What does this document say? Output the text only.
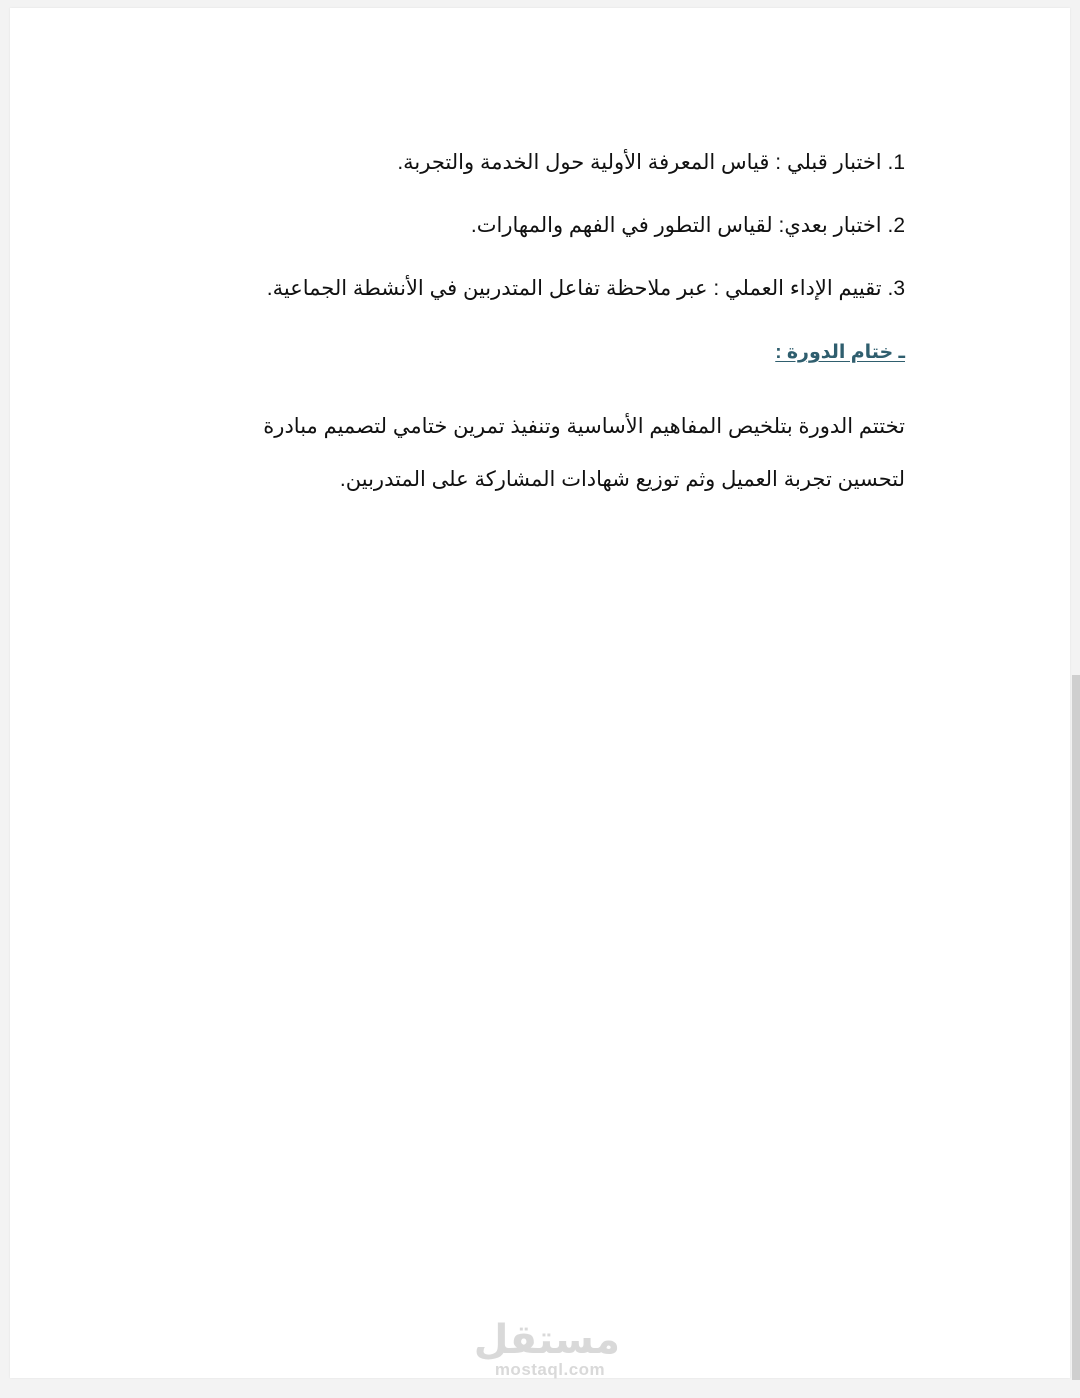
1. اختبار قبلي : قياس المعرفة الأولية حول الخدمة والتجربة.

2. اختبار بعدي: لقياس التطور في الفهم والمهارات.

3. تقييم الإداء العملي : عبر ملاحظة تفاعل المتدربين في الأنشطة الجماعية.

ـ ختام الدورة :

تختتم الدورة بتلخيص المفاهيم الأساسية وتنفيذ تمرين ختامي لتصميم مبادرة لتحسين تجربة العميل وثم توزيع شهادات المشاركة على المتدربين.

مستقل
mostaql.com
